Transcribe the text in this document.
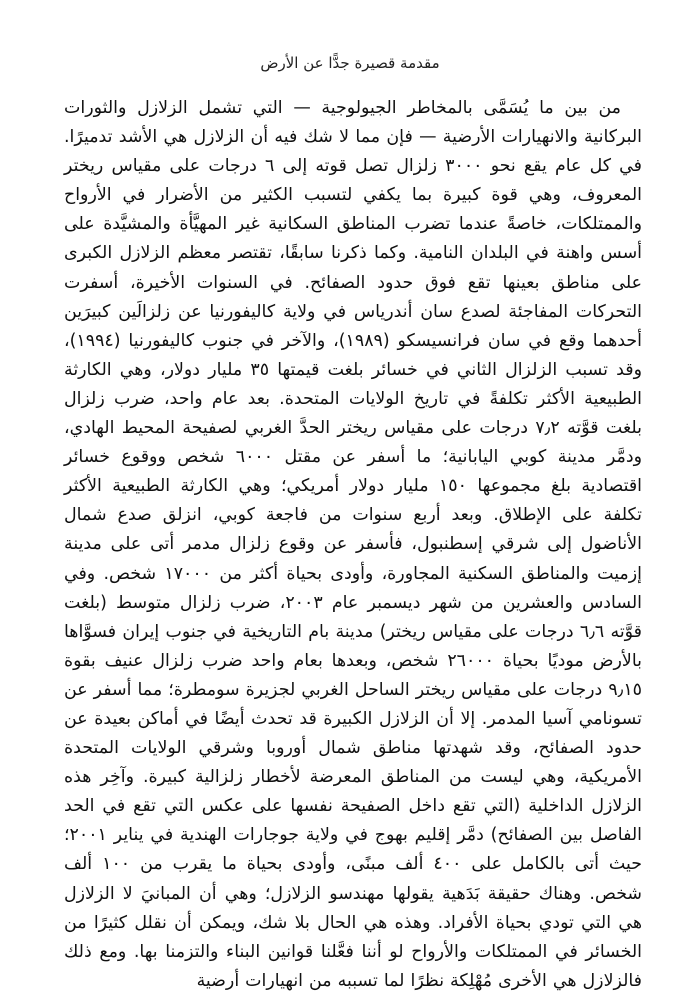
مقدمة قصيرة جدًّا عن الأرض

من بين ما يُسَمَّى بالمخاطر الجيولوجية — التي تشمل الزلازل والثورات البركانية والانهيارات الأرضية — فإن مما لا شك فيه أن الزلازل هي الأشد تدميرًا. في كل عام يقع نحو ٣٠٠٠ زلزال تصل قوته إلى ٦ درجات على مقياس ريختر المعروف، وهي قوة كبيرة بما يكفي لتسبب الكثير من الأضرار في الأرواح والممتلكات، خاصةً عندما تضرب المناطق السكانية غير المهيَّأة والمشيَّدة على أسس واهنة في البلدان النامية. وكما ذكرنا سابقًا، تقتصر معظم الزلازل الكبرى على مناطق بعينها تقع فوق حدود الصفائح. في السنوات الأخيرة، أسفرت التحركات المفاجئة لصدع سان أندرياس في ولاية كاليفورنيا عن زلزالَين كبيرَين أحدهما وقع في سان فرانسيسكو (١٩٨٩)، والآخر في جنوب كاليفورنيا (١٩٩٤)، وقد تسبب الزلزال الثاني في خسائر بلغت قيمتها ٣٥ مليار دولار، وهي الكارثة الطبيعية الأكثر تكلفةً في تاريخ الولايات المتحدة. بعد عام واحد، ضرب زلزال بلغت قوَّته ٧٫٢ درجات على مقياس ريختر الحدَّ الغربي لصفيحة المحيط الهادي، ودمَّر مدينة كوبي اليابانية؛ ما أسفر عن مقتل ٦٠٠٠ شخص ووقوع خسائر اقتصادية بلغ مجموعها ١٥٠ مليار دولار أمريكي؛ وهي الكارثة الطبيعية الأكثر تكلفة على الإطلاق. وبعد أربع سنوات من فاجعة كوبي، انزلق صدع شمال الأناضول إلى شرقي إسطنبول، فأسفر عن وقوع زلزال مدمر أتى على مدينة إزميت والمناطق السكنية المجاورة، وأودى بحياة أكثر من ١٧٠٠٠ شخص. وفي السادس والعشرين من شهر ديسمبر عام ٢٠٠٣، ضرب زلزال متوسط (بلغت قوَّته ٦٫٦ درجات على مقياس ريختر) مدينة بام التاريخية في جنوب إيران فسوَّاها بالأرض موديًا بحياة ٢٦٠٠٠ شخص، وبعدها بعام واحد ضرب زلزال عنيف بقوة ٩٫١٥ درجات على مقياس ريختر الساحل الغربي لجزيرة سومطرة؛ مما أسفر عن تسونامي آسيا المدمر. إلا أن الزلازل الكبيرة قد تحدث أيضًا في أماكن بعيدة عن حدود الصفائح، وقد شهدتها مناطق شمال أوروبا وشرقي الولايات المتحدة الأمريكية، وهي ليست من المناطق المعرضة لأخطار زلزالية كبيرة. وآخِر هذه الزلازل الداخلية (التي تقع داخل الصفيحة نفسها على عكس التي تقع في الحد الفاصل بين الصفائح) دمَّر إقليم بهوج في ولاية جوجارات الهندية في يناير ٢٠٠١؛ حيث أتى بالكامل على ٤٠٠ ألف مبنًى، وأودى بحياة ما يقرب من ١٠٠ ألف شخص. وهناك حقيقة بَدَهية يقولها مهندسو الزلازل؛ وهي أن المبانيَ لا الزلازل هي التي تودي بحياة الأفراد. وهذه هي الحال بلا شك، ويمكن أن نقلل كثيرًا من الخسائر في الممتلكات والأرواح لو أننا فعَّلنا قوانين البناء والتزمنا بها. ومع ذلك فالزلازل هي الأخرى مُهْلِكة نظرًا لما تسببه من انهيارات أرضية
